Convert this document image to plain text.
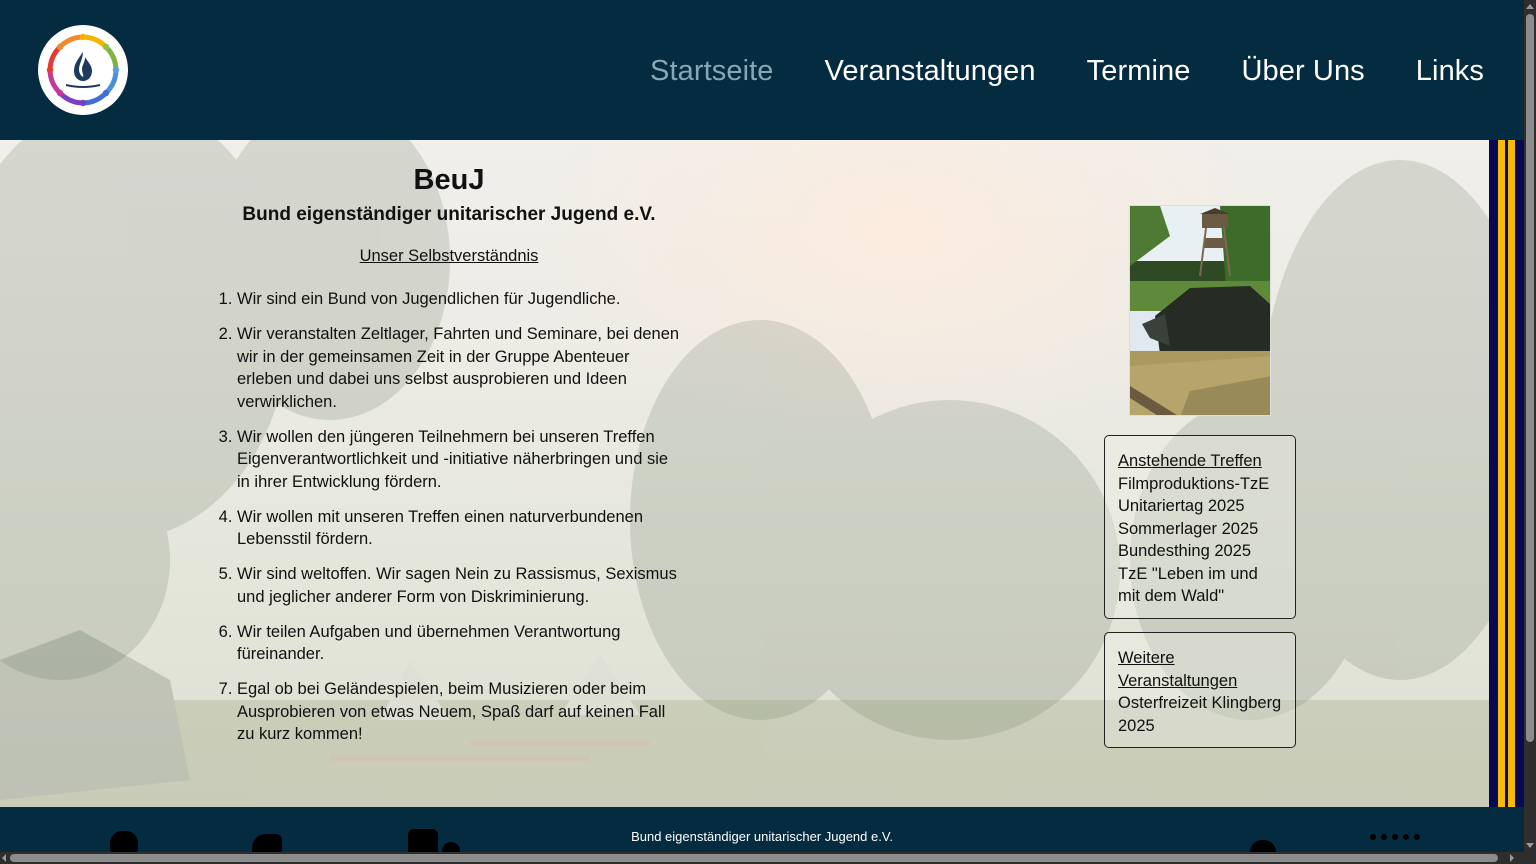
Startseite Veranstaltungen Termine Über Uns Links
BeuJ
Bund eigenständiger unitarischer Jugend e.V.
Unser Selbstverständnis
1. Wir sind ein Bund von Jugendlichen für Jugendliche.
2. Wir veranstalten Zeltlager, Fahrten und Seminare, bei denen wir in der gemeinsamen Zeit in der Gruppe Abenteuer erleben und dabei uns selbst ausprobieren und Ideen verwirklichen.
3. Wir wollen den jüngeren Teilnehmern bei unseren Treffen Eigenverantwortlichkeit und -initiative näherbringen und sie in ihrer Entwicklung fördern.
4. Wir wollen mit unseren Treffen einen naturverbundenen Lebensstil fördern.
5. Wir sind weltoffen. Wir sagen Nein zu Rassismus, Sexismus und jeglicher anderer Form von Diskriminierung.
6. Wir teilen Aufgaben und übernehmen Verantwortung füreinander.
7. Egal ob bei Geländespielen, beim Musizieren oder beim Ausprobieren von etwas Neuem, Spaß darf auf keinen Fall zu kurz kommen!
Anstehende Treffen
Filmproduktions-TzE
Unitariertag 2025
Sommerlager 2025
Bundesthing 2025
TzE "Leben im und mit dem Wald"
Weitere Veranstaltungen
Osterfreizeit Klingberg 2025
Bund eigenständiger unitarischer Jugend e.V.
